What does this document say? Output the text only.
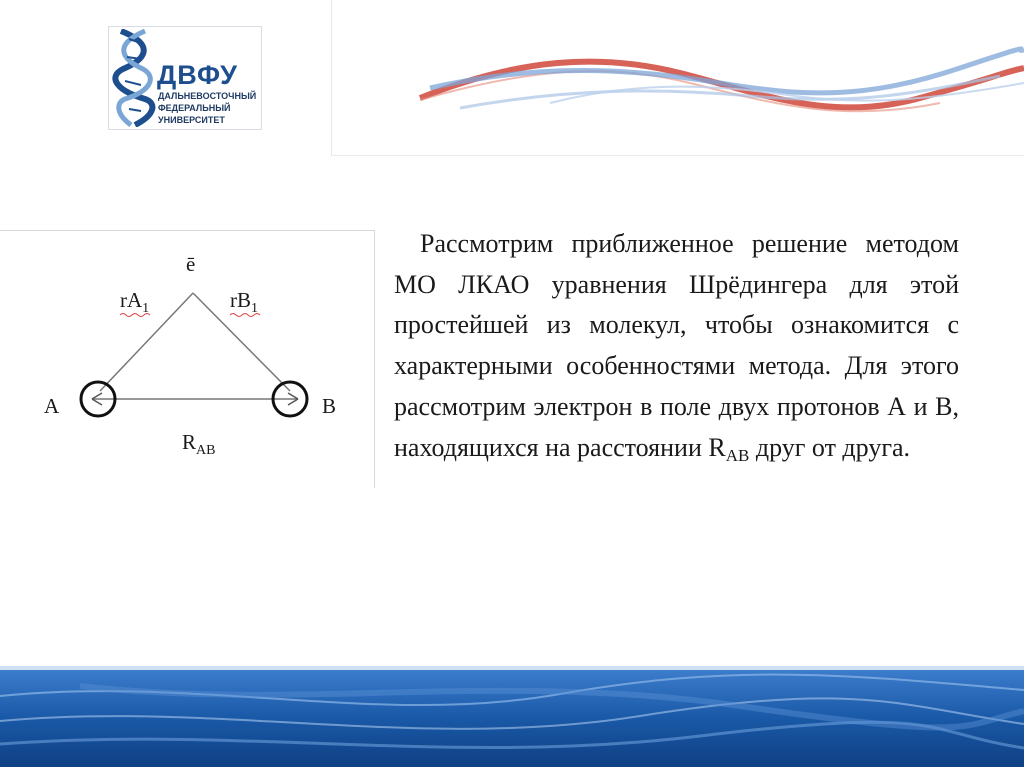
ДВФУ
ДАЛЬНЕВОСТОЧНЫЙ
ФЕДЕРАЛЬНЫЙ
УНИВЕРСИТЕТ
ē
$rA_1$	$rB_1$
A	B
$R_{AB}$

Рассмотрим приближенное решение методом МО ЛКАО уравнения Шрёдингера для этой простейшей из молекул, чтобы ознакомится с характерными особенностями метода. Для этого рассмотрим электрон в поле двух протонов А и В, находящихся на расстоянии $R_{AB}$ друг от друга.
